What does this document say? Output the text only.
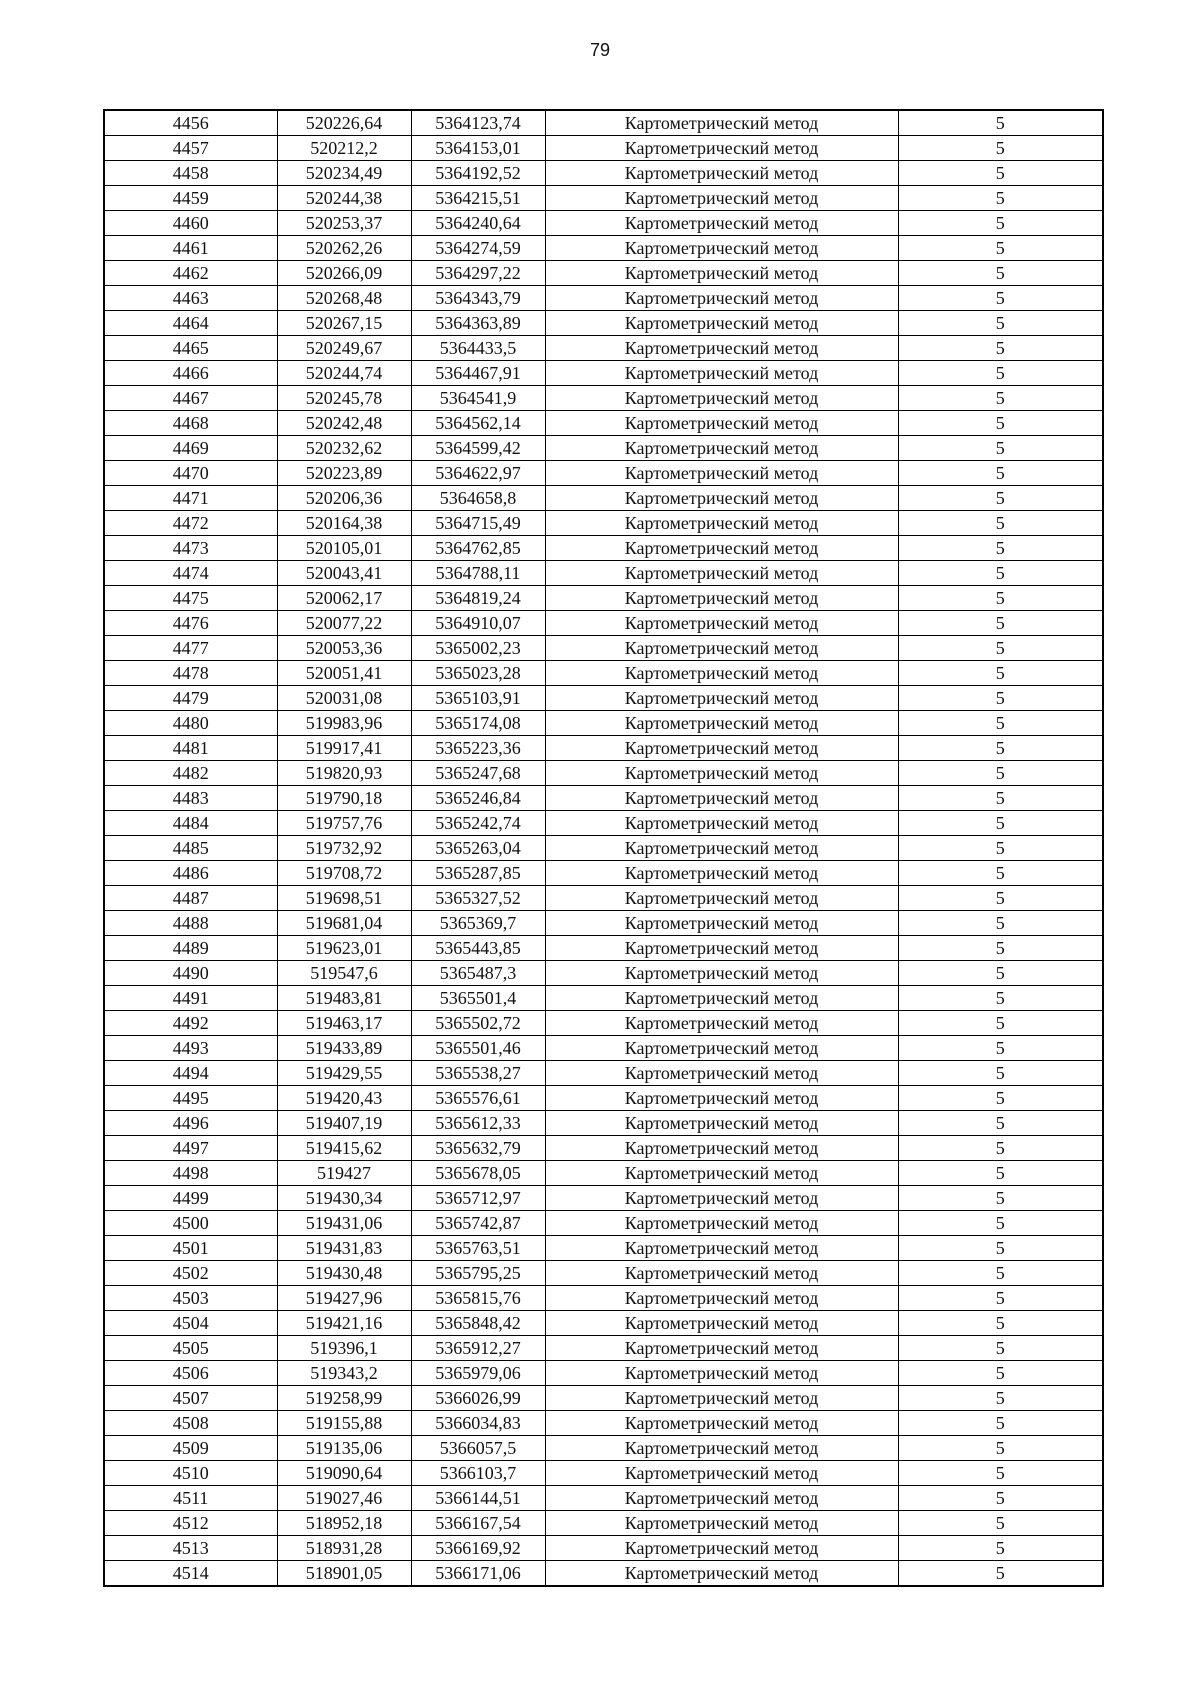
79
4456	520226,64	5364123,74	Картометрический метод	5
4457	520212,2	5364153,01	Картометрический метод	5
4458	520234,49	5364192,52	Картометрический метод	5
4459	520244,38	5364215,51	Картометрический метод	5
4460	520253,37	5364240,64	Картометрический метод	5
4461	520262,26	5364274,59	Картометрический метод	5
4462	520266,09	5364297,22	Картометрический метод	5
4463	520268,48	5364343,79	Картометрический метод	5
4464	520267,15	5364363,89	Картометрический метод	5
4465	520249,67	5364433,5	Картометрический метод	5
4466	520244,74	5364467,91	Картометрический метод	5
4467	520245,78	5364541,9	Картометрический метод	5
4468	520242,48	5364562,14	Картометрический метод	5
4469	520232,62	5364599,42	Картометрический метод	5
4470	520223,89	5364622,97	Картометрический метод	5
4471	520206,36	5364658,8	Картометрический метод	5
4472	520164,38	5364715,49	Картометрический метод	5
4473	520105,01	5364762,85	Картометрический метод	5
4474	520043,41	5364788,11	Картометрический метод	5
4475	520062,17	5364819,24	Картометрический метод	5
4476	520077,22	5364910,07	Картометрический метод	5
4477	520053,36	5365002,23	Картометрический метод	5
4478	520051,41	5365023,28	Картометрический метод	5
4479	520031,08	5365103,91	Картометрический метод	5
4480	519983,96	5365174,08	Картометрический метод	5
4481	519917,41	5365223,36	Картометрический метод	5
4482	519820,93	5365247,68	Картометрический метод	5
4483	519790,18	5365246,84	Картометрический метод	5
4484	519757,76	5365242,74	Картометрический метод	5
4485	519732,92	5365263,04	Картометрический метод	5
4486	519708,72	5365287,85	Картометрический метод	5
4487	519698,51	5365327,52	Картометрический метод	5
4488	519681,04	5365369,7	Картометрический метод	5
4489	519623,01	5365443,85	Картометрический метод	5
4490	519547,6	5365487,3	Картометрический метод	5
4491	519483,81	5365501,4	Картометрический метод	5
4492	519463,17	5365502,72	Картометрический метод	5
4493	519433,89	5365501,46	Картометрический метод	5
4494	519429,55	5365538,27	Картометрический метод	5
4495	519420,43	5365576,61	Картометрический метод	5
4496	519407,19	5365612,33	Картометрический метод	5
4497	519415,62	5365632,79	Картометрический метод	5
4498	519427	5365678,05	Картометрический метод	5
4499	519430,34	5365712,97	Картометрический метод	5
4500	519431,06	5365742,87	Картометрический метод	5
4501	519431,83	5365763,51	Картометрический метод	5
4502	519430,48	5365795,25	Картометрический метод	5
4503	519427,96	5365815,76	Картометрический метод	5
4504	519421,16	5365848,42	Картометрический метод	5
4505	519396,1	5365912,27	Картометрический метод	5
4506	519343,2	5365979,06	Картометрический метод	5
4507	519258,99	5366026,99	Картометрический метод	5
4508	519155,88	5366034,83	Картометрический метод	5
4509	519135,06	5366057,5	Картометрический метод	5
4510	519090,64	5366103,7	Картометрический метод	5
4511	519027,46	5366144,51	Картометрический метод	5
4512	518952,18	5366167,54	Картометрический метод	5
4513	518931,28	5366169,92	Картометрический метод	5
4514	518901,05	5366171,06	Картометрический метод	5
